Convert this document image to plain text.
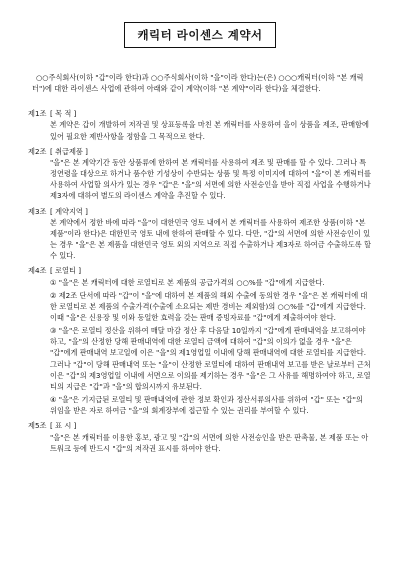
캐릭터 라이센스 계약서

○○주식회사(이하 "갑"이라 한다)과 ○○주식회사(이하 "을"이라 한다)는(은) ○○○캐릭터(이하 "본 캐릭터")에 대한 라이센스 사업에 관하여 아래와 같이 계약(이하 "본 계약"이라 한다)을 체결한다.

제1조 [ 목 적 ]

본 계약은 갑이 개발하여 저작권 및 상표등록을 마친 본 캐릭터를 사용하여 을이 상품을 제조, 판매함에 있어 필요한 제반사항을 정함을 그 목적으로 한다.

제2조 [ 취급제품 ]

"을"은 본 계약기간 동안 상품류에 한하여 본 캐릭터를 사용하여 제조 및 판매를 할 수 있다. 그러나 특정연령을 대상으로 하거나 품수한 기성상이 수반되는 상품 및 특정 이미지에 대하여 "을"이 본 캐릭터를 사용하여 사업할 의사가 있는 경우 "갑"은 "을"의 서면에 의한 사전승인을 받아 직접 사업을 수행하거나 제3자에 대하여 별도의 라이센스 계약을 추진할 수 있다.

제3조 [ 계약지역 ]

본 계약에서 정한 바에 따라 "을"이 대한민국 영토 내에서 본 캐릭터를 사용하여 제조한 상품(이하 "본 제품"이라 한다)은 대한민국 영토 내에 한하여 판매할 수 있다. 다만, "갑"의 서면에 의한 사전승인이 있는 경우 "을"은 본 제품을 대한민국 영토 외의 지역으로 직접 수출하거나 제3자로 하여금 수출하도록 할 수 있다.

제4조 [ 로열티 ]

① "을"은 본 캐릭터에 대한 로열티로 본 제품의 공급가격의 ○○%를 "갑"에게 지급한다.

② 제2조 단서에 따라 "갑"이 "을"에 대하여 본 제품의 해외 수출에 동의한 경우 "을"은 본 캐릭터에 대한 로열티로 본 제품의 수출가격(수출에 소요되는 제반 경비는 제외함)의 ○○%를 "갑"에게 지급한다. 이때 "을"은 신용장 및 이와 동일한 효력을 갖는 판매 증빙자료를 "갑"에게 제출하여야 한다.

③ "을"은 로열티 정산을 위하여 매달 마감 정산 후 다음달 10일까지 "갑"에게 판매내역을 보고하여야 하고, "을"의 산정한 당해 판매내역에 대한 로열티 금액에 대하여 "갑"의 이의가 없을 경우 "을"은 "갑"에게 판매내역 보고일에 이은 "을"의 제1영업일 이내에 당해 판매내역에 대한 로열티를 지급한다. 그러나 "갑"이 당해 판매내역 또는 "을"이 산정한 로열티에 대하여 판매내역 보고를 받은 날로부터 근처 이은 "갑"의 제3영업일 이내에 서면으로 이의를 제기하는 경우 "을"은 그 사유를 해명하여야 하고, 로열티의 지급은 "갑"과 "을"의 합의시까지 유보된다.

④ "을"은 기지급된 로열티 및 판매내역에 관한 정보 확인과 정산서류의사를 위하여 "갑" 또는 "갑"의 위임을 받은 자로 하여금 "을"의 회계장부에 접근할 수 있는 권리를 부여할 수 있다.

제5조 [ 표 시 ]

"을"은 본 캐릭터를 이용한 홍보, 광고 및 "갑"의 서면에 의한 사전승인을 받은 판촉물, 본 제품 또는 아트워크 등에 반드시 "갑"의 저작권 표시를 하여야 한다.
